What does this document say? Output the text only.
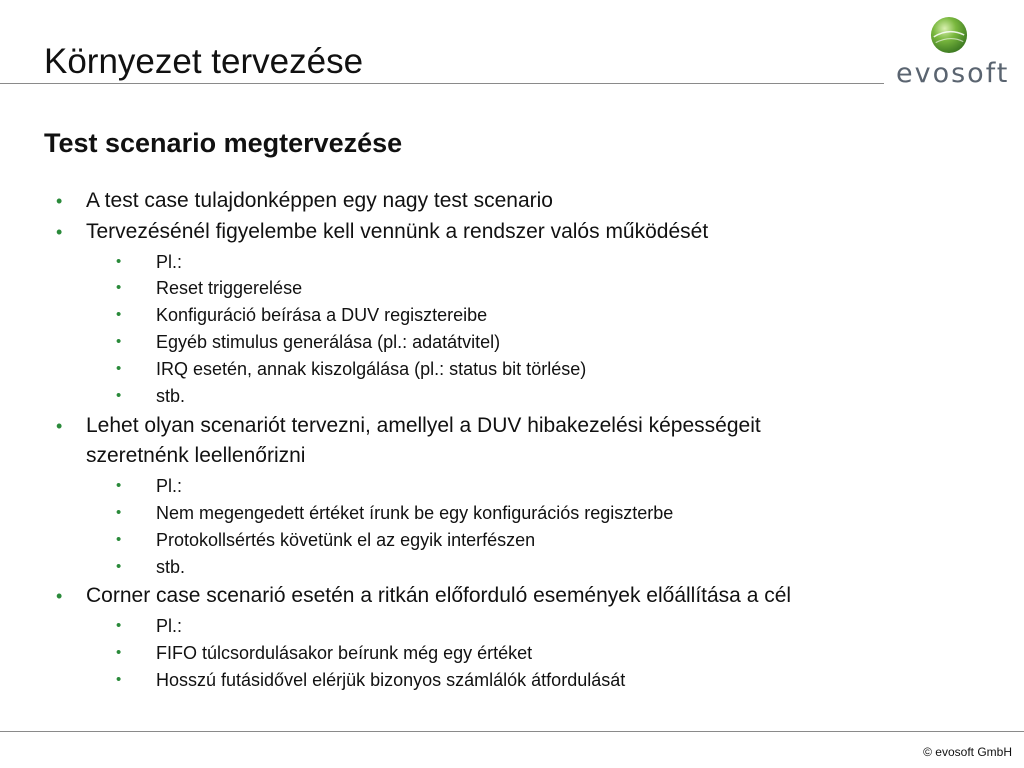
Környezet tervezése	evosoft
Test scenario megtervezése
• A test case tulajdonképpen egy nagy test scenario
• Tervezésénél figyelembe kell vennünk a rendszer valós működését
• Pl.:
• Reset triggerelése
• Konfiguráció beírása a DUV regisztereibe
• Egyéb stimulus generálása (pl.: adatátvitel)
• IRQ esetén, annak kiszolgálása (pl.: status bit törlése)
• stb.
• Lehet olyan scenariót tervezni, amellyel a DUV hibakezelési képességeit
szeretnénk leellenőrizni
• Pl.:
• Nem megengedett értéket írunk be egy konfigurációs regiszterbe
• Protokollsértés követünk el az egyik interfészen
• stb.
• Corner case scenarió esetén a ritkán előforduló események előállítása a cél
• Pl.:
• FIFO túlcsordulásakor beírunk még egy értéket
• Hosszú futásidővel elérjük bizonyos számlálók átfordulását
© evosoft GmbH
